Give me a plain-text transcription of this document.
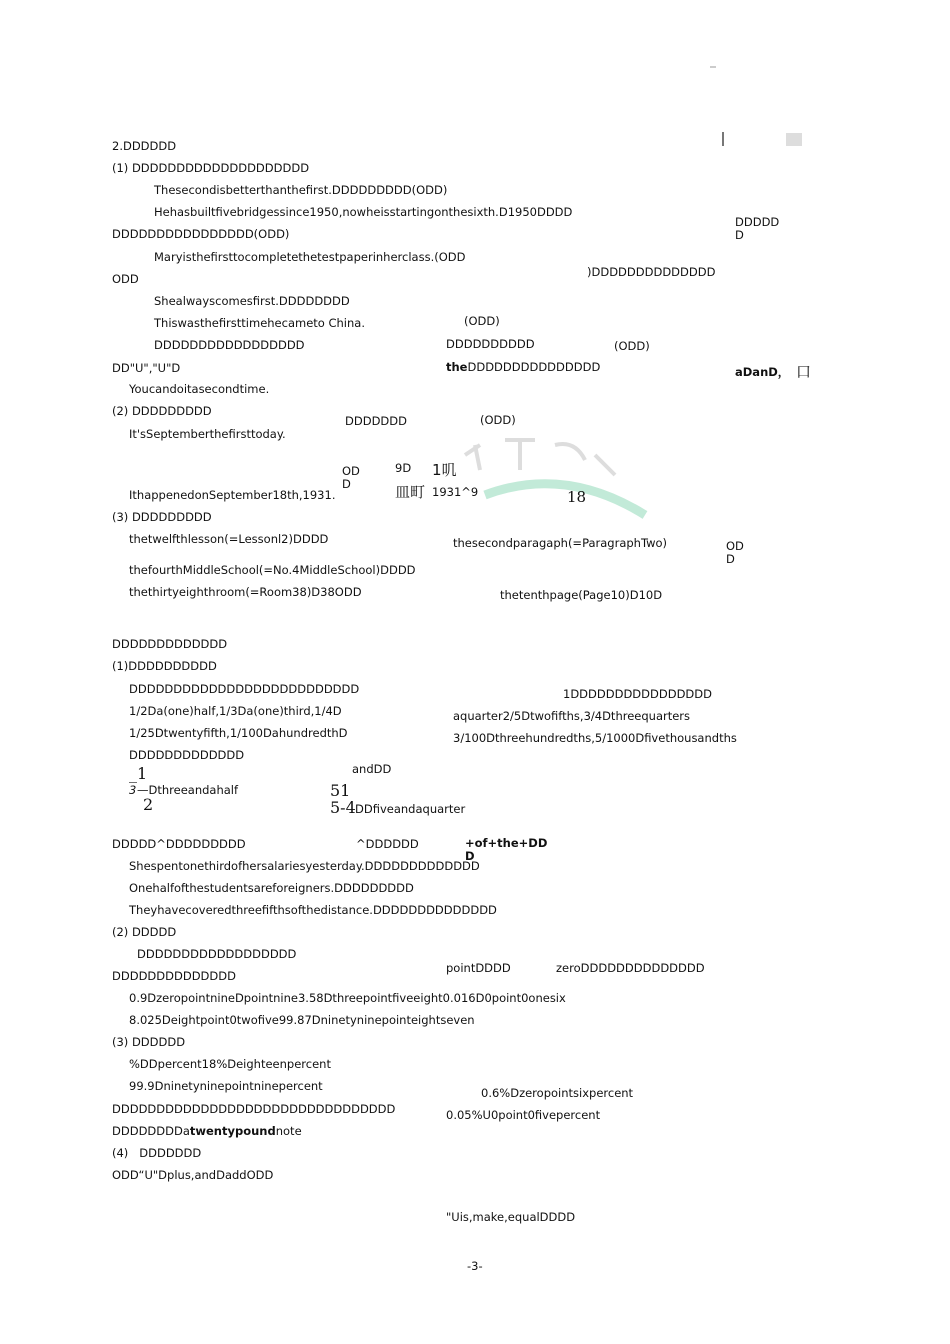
2.DDDDDD
(1) DDDDDDDDDDDDDDDDDDDD
Thesecondisbetterthanthefirst.DDDDDDDDD(ODD)
Hehasbuiltfivebridgessince1950,nowheisstartingonthesixth.D1950DDDD
DDDDDD
DDDDDDDDDDDDDDDD(ODD)
Maryisthefirsttocompletethetestpaperinherclass.(ODD
)DDDDDDDDDDDDDD
ODD
Shealwayscomesfirst.DDDDDDDD
(ODD)
Thiswasthefirsttimehecameto China.
DDDDDDDDDD
DDDDDDDDDDDDDDDDD	(ODD)
DD"U","U"D	theDDDDDDDDDDDDDDD	aDanD， 口
Youcandoitasecondtime.
(2) DDDDDDDDD
DDDDDDD	(ODD)
It'sSeptemberthefirsttoday.
OD D
9D 1叽
皿町 1931^9	18
IthappenedonSeptember18th,1931.
(3) DDDDDDDDD
thetwelfthlesson(=Lessonl2)DDDD	thesecondparagaph(=ParagraphTwo)	OD D
thefourthMiddleSchool(=No.4MiddleSchool)DDDD
thethirtyeighthroom(=Room38)D38ODD	thetenthpage(Page10)D10D
DDDDDDDDDDDDD
(1)DDDDDDDDDD
1DDDDDDDDDDDDDDDD
DDDDDDDDDDDDDDDDDDDDDDDDDD
1/2Da(one)half,1/3Da(one)third,1/4D	aquarter2/5Dtwofifths,3/4Dthreequarters
1/25Dtwentyfifth,1/100DahundredthD	3/100Dthreehundredths,5/1000Dfivethousandths
DDDDDDDDDDDDD
_1
3 —Dthreeandahalf
2
andDD
51
5-4 DDfiveandaquarter
DDDDD^DDDDDDDDD	^DDDDDD	+of+the+DD D
Shespentonethirdofhersalariesyesterday.DDDDDDDDDDDDD
Onehalfofthestudentsareforeigners.DDDDDDDDD
Theyhavecoveredthreefifthsofthedistance.DDDDDDDDDDDDDD
(2) DDDDD
DDDDDDDDDDDDDDDDDD
pointDDDD	zeroDDDDDDDDDDDDDD
DDDDDDDDDDDDDD
0.9DzeropointnineDpointnine3.58Dthreepointfiveeight0.016D0point0onesix
8.025Deightpoint0twofive99.87Dninetyninepointeightseven
(3) DDDDDD
%DDpercent18%Deighteenpercent
99.9Dninetyninepointninepercent	0.6%Dzeropointsixpercent
DDDDDDDDDDDDDDDDDDDDDDDDDDDDDDDD	0.05%U0point0fivepercent
DDDDDDDDatwentypoundnote
(4)   DDDDDDD
ODD“U"Dplus,andDaddODD
"Uis,make,equalDDDD
-3-
